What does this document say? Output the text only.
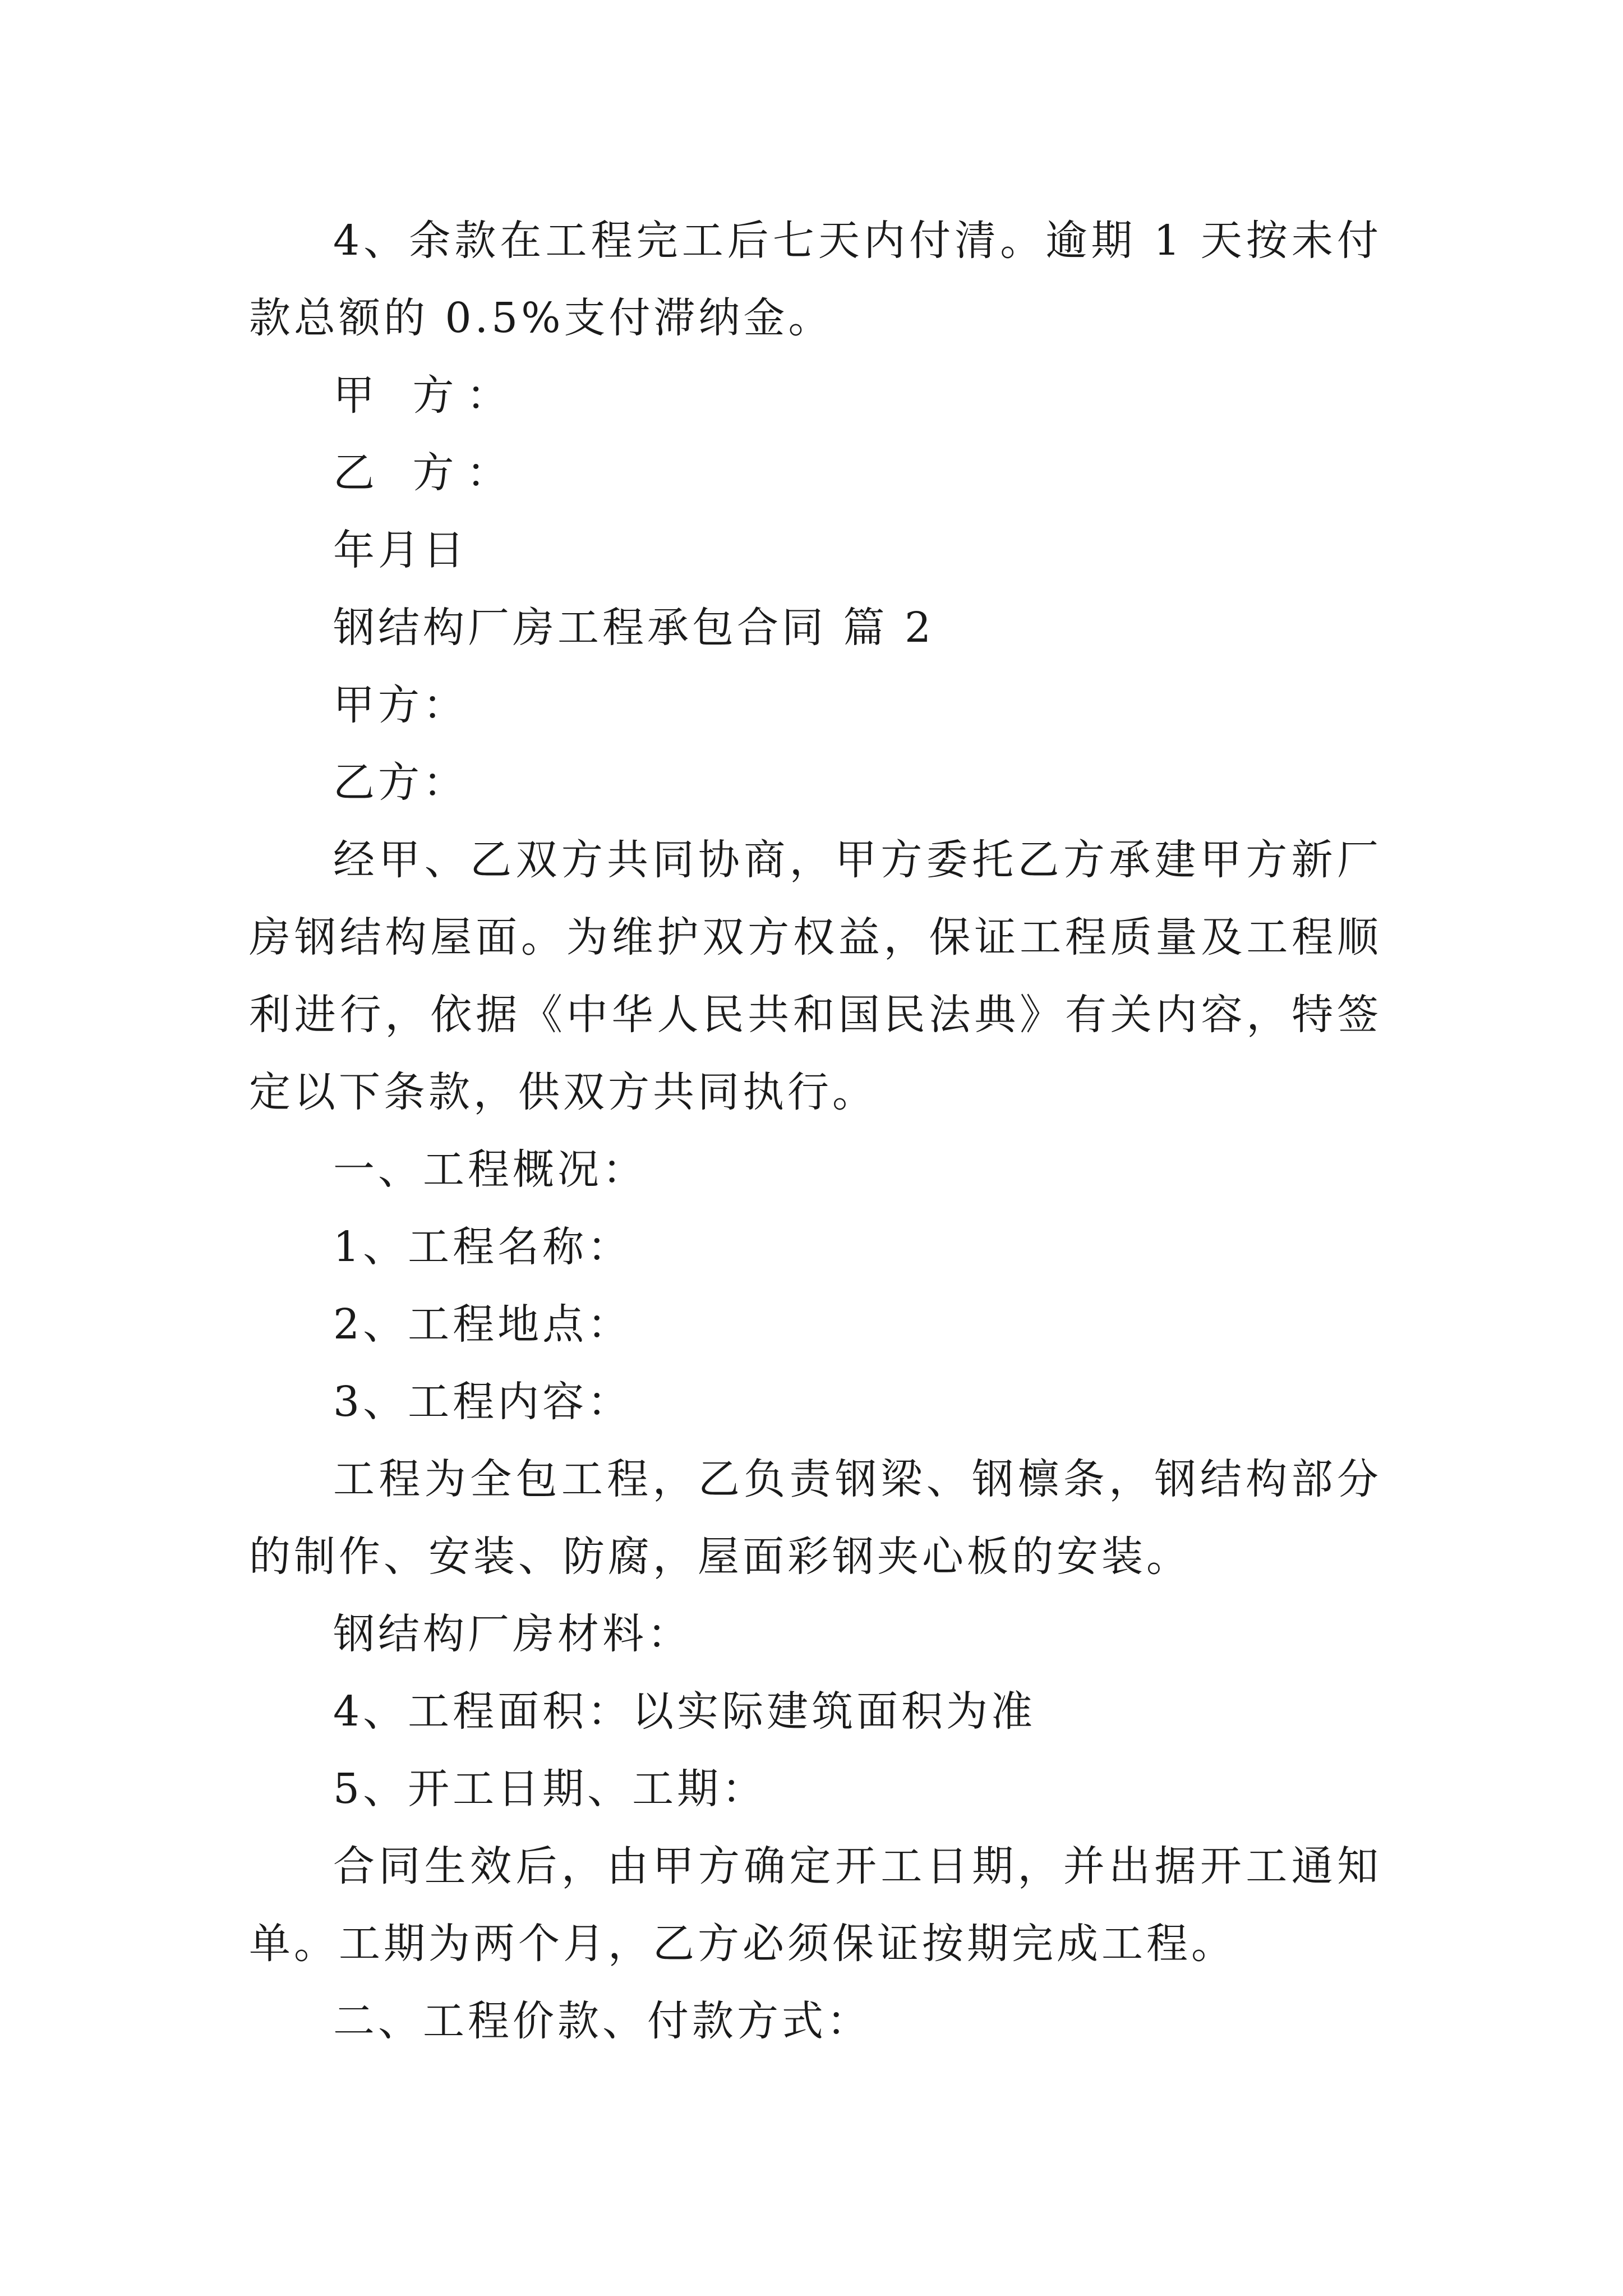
4、余款在工程完工后七天内付清。逾期 1 天按未付款总额的 0.5%支付滞纳金。

甲 方：

乙 方：

年月日

钢结构厂房工程承包合同 篇 2

甲方：

乙方：

经甲、乙双方共同协商，甲方委托乙方承建甲方新厂房钢结构屋面。为维护双方权益，保证工程质量及工程顺利进行，依据《中华人民共和国民法典》有关内容，特签定以下条款，供双方共同执行。

一、工程概况：

1、工程名称：

2、工程地点：

3、工程内容：

工程为全包工程，乙负责钢梁、钢檩条，钢结构部分的制作、安装、防腐，屋面彩钢夹心板的安装。

钢结构厂房材料：

4、工程面积：以实际建筑面积为准

5、开工日期、工期：

合同生效后，由甲方确定开工日期，并出据开工通知单。工期为两个月，乙方必须保证按期完成工程。

二、工程价款、付款方式：
